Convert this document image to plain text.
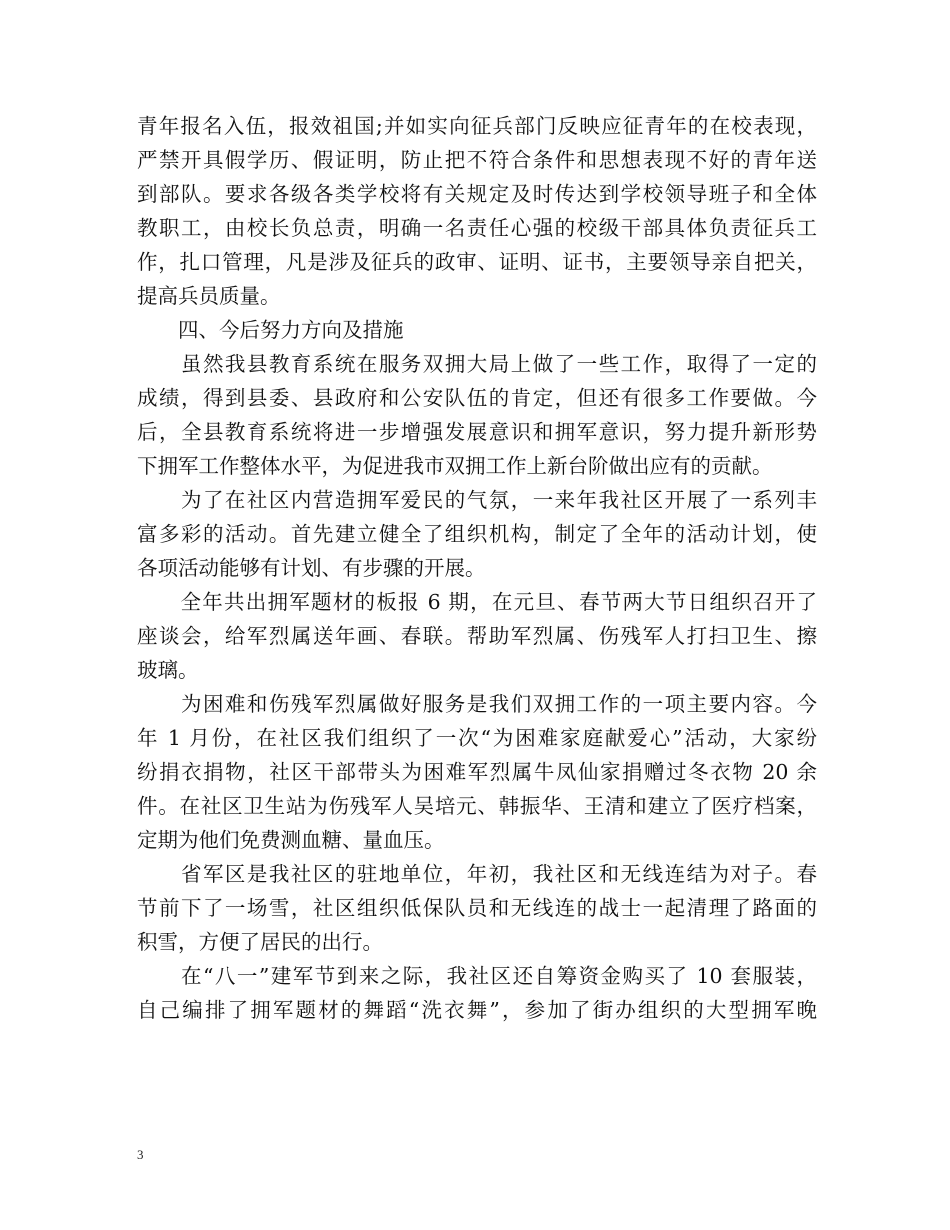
青年报名入伍，报效祖国;并如实向征兵部门反映应征青年的在校表现，
严禁开具假学历、假证明，防止把不符合条件和思想表现不好的青年送
到部队。要求各级各类学校将有关规定及时传达到学校领导班子和全体
教职工，由校长负总责，明确一名责任心强的校级干部具体负责征兵工
作，扎口管理，凡是涉及征兵的政审、证明、证书，主要领导亲自把关，
提高兵员质量。
　　四、今后努力方向及措施
　　虽然我县教育系统在服务双拥大局上做了一些工作，取得了一定的
成绩，得到县委、县政府和公安队伍的肯定，但还有很多工作要做。今
后，全县教育系统将进一步增强发展意识和拥军意识，努力提升新形势
下拥军工作整体水平，为促进我市双拥工作上新台阶做出应有的贡献。
　　为了在社区内营造拥军爱民的气氛，一来年我社区开展了一系列丰
富多彩的活动。首先建立健全了组织机构，制定了全年的活动计划，使
各项活动能够有计划、有步骤的开展。
　　全年共出拥军题材的板报 6 期，在元旦、春节两大节日组织召开了
座谈会，给军烈属送年画、春联。帮助军烈属、伤残军人打扫卫生、擦
玻璃。
　　为困难和伤残军烈属做好服务是我们双拥工作的一项主要内容。今
年 1 月份，在社区我们组织了一次“为困难家庭献爱心”活动，大家纷
纷捐衣捐物，社区干部带头为困难军烈属牛凤仙家捐赠过冬衣物 20 余
件。在社区卫生站为伤残军人吴培元、韩振华、王清和建立了医疗档案，
定期为他们免费测血糖、量血压。
　　省军区是我社区的驻地单位，年初，我社区和无线连结为对子。春
节前下了一场雪，社区组织低保队员和无线连的战士一起清理了路面的
积雪，方便了居民的出行。
　　在“八一”建军节到来之际，我社区还自筹资金购买了 10 套服装，
自己编排了拥军题材的舞蹈“洗衣舞”，参加了街办组织的大型拥军晚
3
